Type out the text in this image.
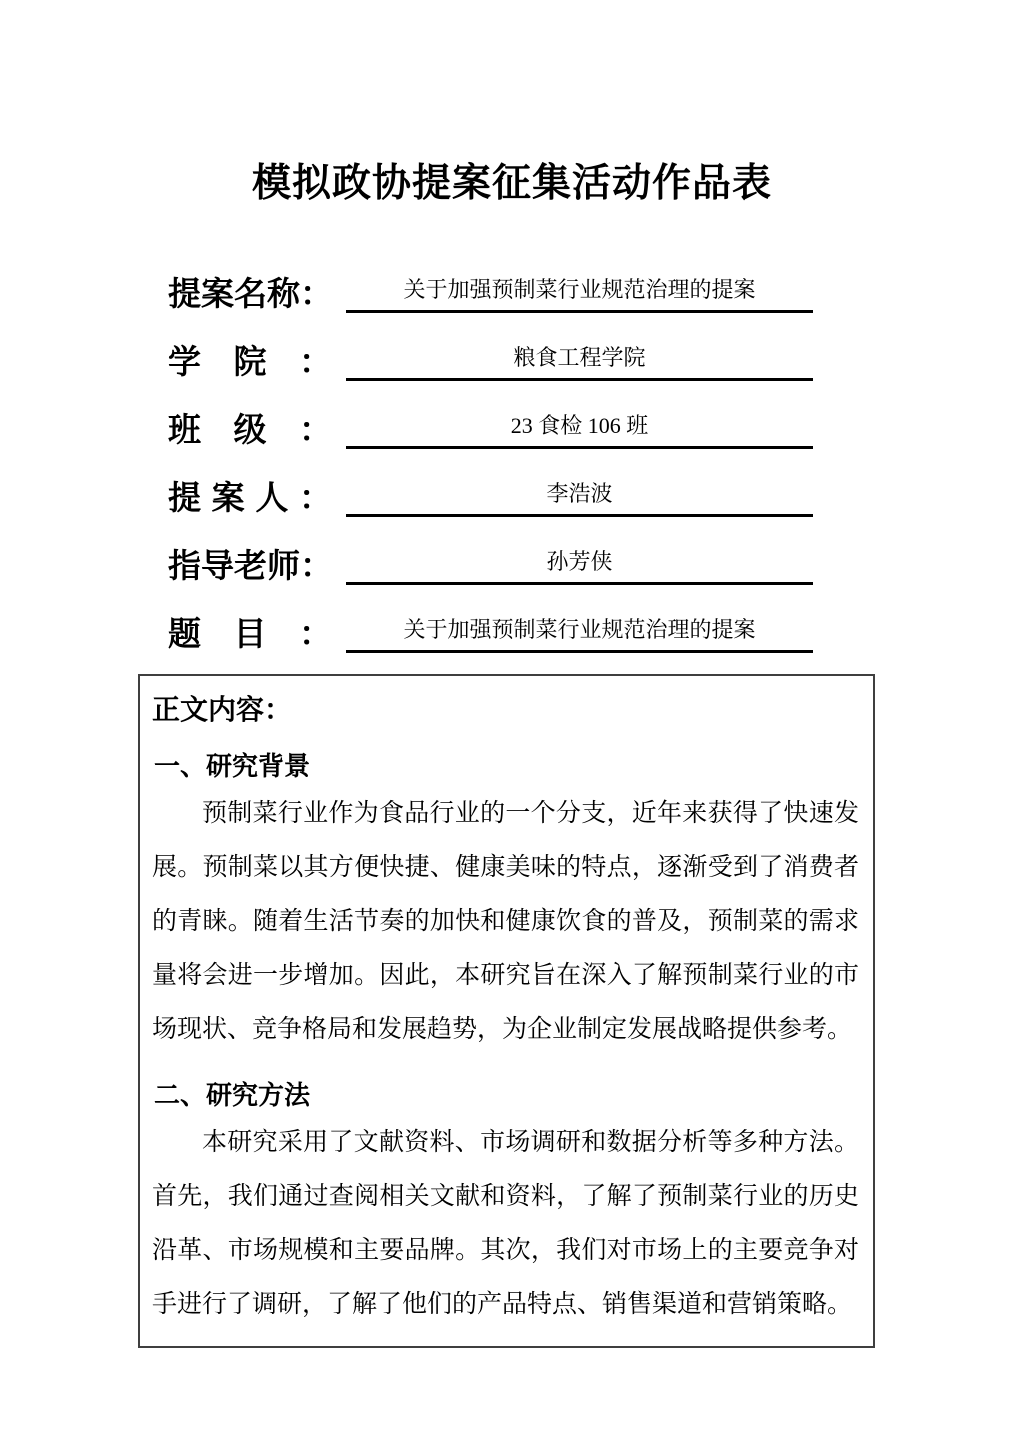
模拟政协提案征集活动作品表
提 案 名 称 ：	关于加强预制菜行业规范治理的提案
学 院 ：	粮食工程学院
班 级 ：	23 食检 106 班
提 案 人 ：	李浩波
指 导 老 师 ：	孙芳侠
题 目 ：	关于加强预制菜行业规范治理的提案
正文内容：
一、研究背景

预制菜行业作为食品行业的一个分支，近年来获得了快速发展。预制菜以其方便快捷、健康美味的特点，逐渐受到了消费者的青睐。随着生活节奏的加快和健康饮食的普及，预制菜的需求量将会进一步增加。因此，本研究旨在深入了解预制菜行业的市场现状、竞争格局和发展趋势，为企业制定发展战略提供参考。

二、研究方法

本研究采用了文献资料、市场调研和数据分析等多种方法。首先，我们通过查阅相关文献和资料，了解了预制菜行业的历史沿革、市场规模和主要品牌。其次，我们对市场上的主要竞争对手进行了调研，了解了他们的产品特点、销售渠道和营销策略。
